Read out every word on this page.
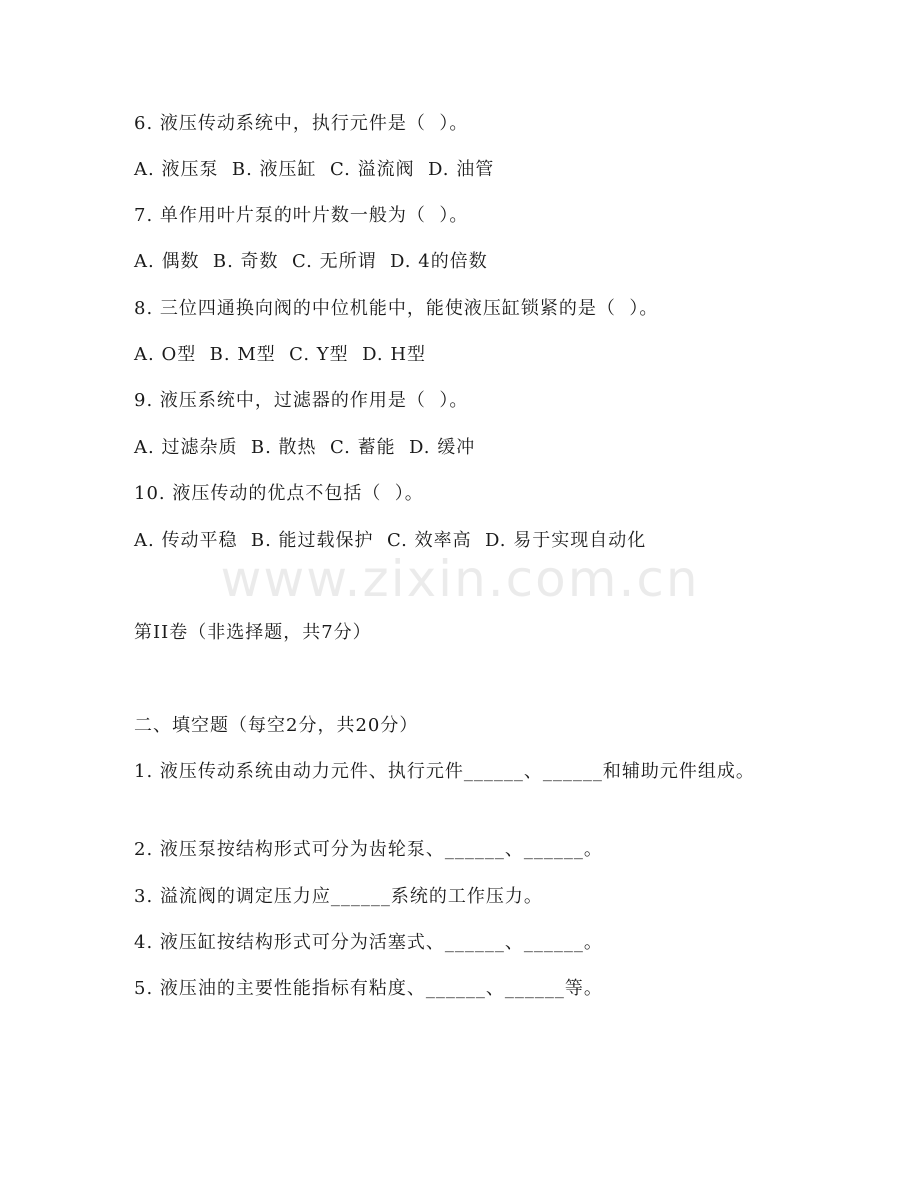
6. 液压传动系统中，执行元件是（  ）。
A. 液压泵  B. 液压缸  C. 溢流阀  D. 油管
7. 单作用叶片泵的叶片数一般为（  ）。
A. 偶数  B. 奇数  C. 无所谓  D. 4的倍数
8. 三位四通换向阀的中位机能中，能使液压缸锁紧的是（  ）。
A. O型  B. M型  C. Y型  D. H型
9. 液压系统中，过滤器的作用是（  ）。
A. 过滤杂质  B. 散热  C. 蓄能  D. 缓冲
10. 液压传动的优点不包括（  ）。
A. 传动平稳  B. 能过载保护  C. 效率高  D. 易于实现自动化
www.zixin.com.cn
第II卷（非选择题，共7分）
二、填空题（每空2分，共20分）
1. 液压传动系统由动力元件、执行元件______、______和辅助元件组成。
2. 液压泵按结构形式可分为齿轮泵、______、______。
3. 溢流阀的调定压力应______系统的工作压力。
4. 液压缸按结构形式可分为活塞式、______、______。
5. 液压油的主要性能指标有粘度、______、______等。
